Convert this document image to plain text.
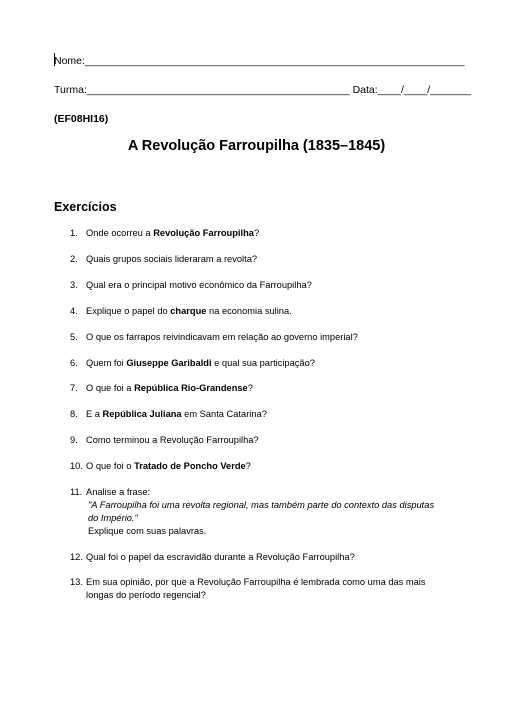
Nome:_________________________________________________________________
Turma:_____________________________________________ Data:____/____/_______
(EF08HI16)
A Revolução Farroupilha (1835–1845)
Exercícios
1. Onde ocorreu a Revolução Farroupilha?
2. Quais grupos sociais lideraram a revolta?
3. Qual era o principal motivo econômico da Farroupilha?
4. Explique o papel do charque na economia sulina.
5. O que os farrapos reivindicavam em relação ao governo imperial?
6. Quem foi Giuseppe Garibaldi e qual sua participação?
7. O que foi a República Rio-Grandense?
8. E a República Juliana em Santa Catarina?
9. Como terminou a Revolução Farroupilha?
10. O que foi o Tratado de Poncho Verde?
11. Analise a frase:
"A Farroupilha foi uma revolta regional, mas também parte do contexto das disputas
do Império."
Explique com suas palavras.
12. Qual foi o papel da escravidão durante a Revolução Farroupilha?
13. Em sua opinião, por que a Revolução Farroupilha é lembrada como uma das mais
longas do período regencial?
